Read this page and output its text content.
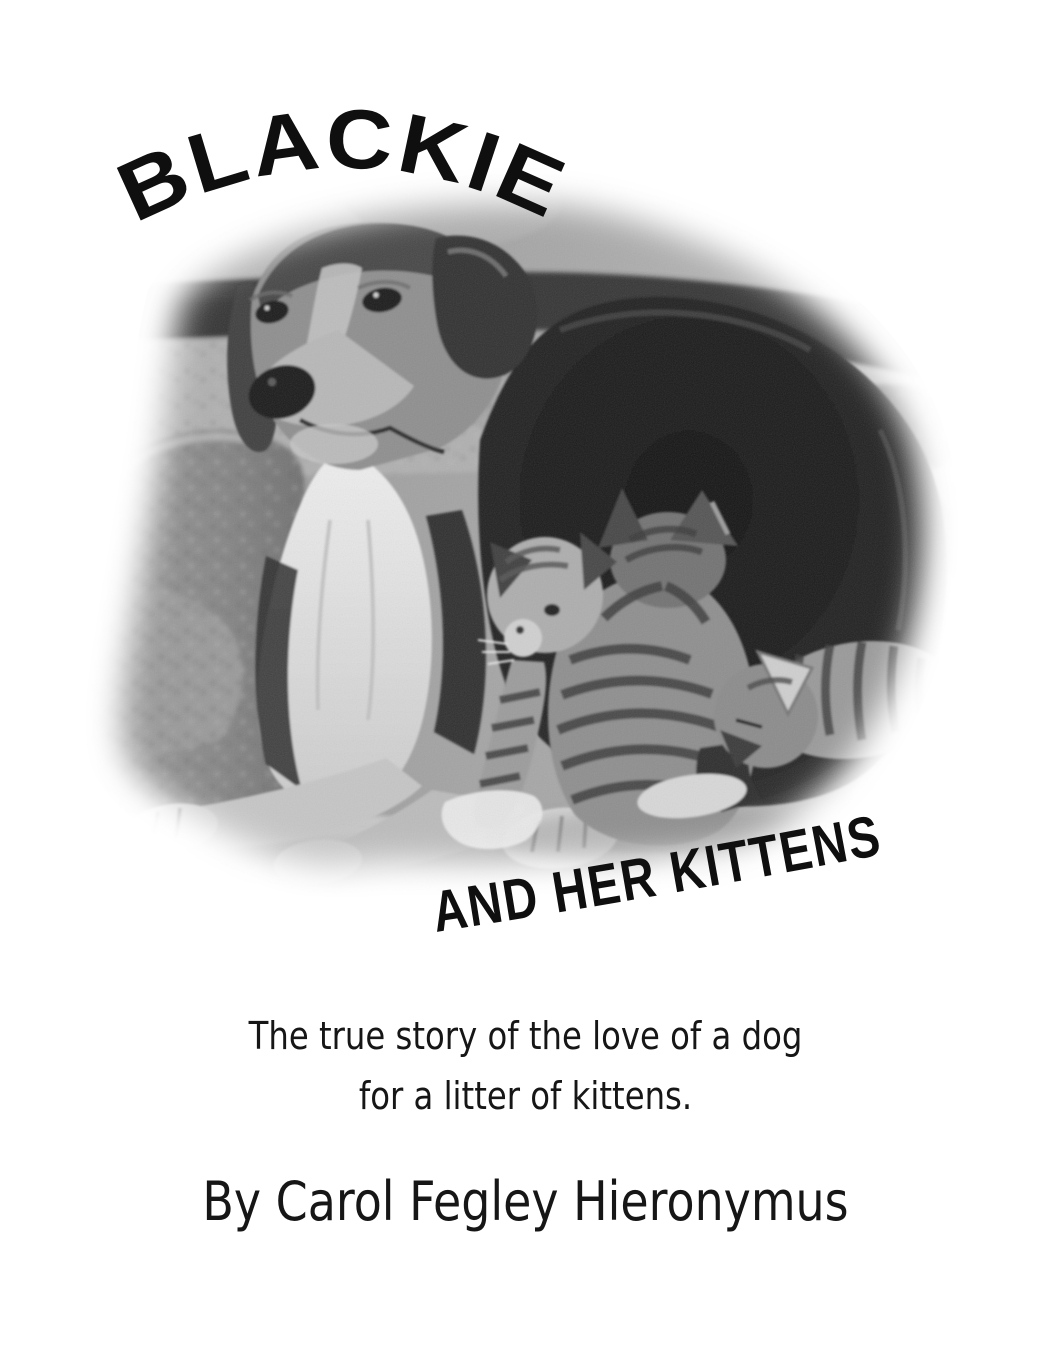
BLACKIE
AND HER KITTENS
The true story of the love of a dog
for a litter of kittens.
By Carol Fegley Hieronymus
